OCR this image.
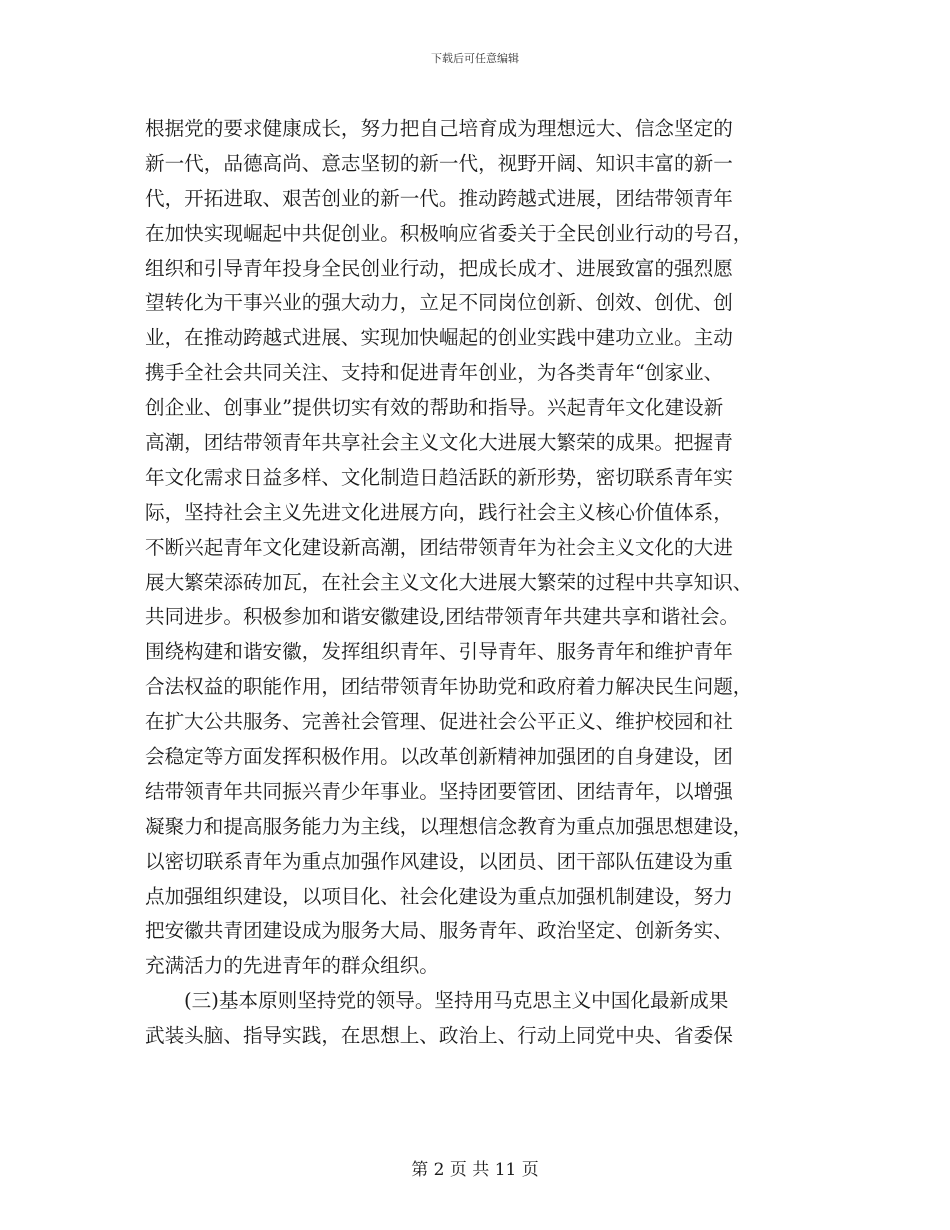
下载后可任意编辑
根据党的要求健康成长，努力把自己培育成为理想远大、信念坚定的
新一代，品德高尚、意志坚韧的新一代，视野开阔、知识丰富的新一
代，开拓进取、艰苦创业的新一代。推动跨越式进展，团结带领青年
在加快实现崛起中共促创业。积极响应省委关于全民创业行动的号召，
组织和引导青年投身全民创业行动，把成长成才、进展致富的强烈愿
望转化为干事兴业的强大动力，立足不同岗位创新、创效、创优、创
业，在推动跨越式进展、实现加快崛起的创业实践中建功立业。主动
携手全社会共同关注、支持和促进青年创业，为各类青年“创家业、
创企业、创事业”提供切实有效的帮助和指导。兴起青年文化建设新
高潮，团结带领青年共享社会主义文化大进展大繁荣的成果。把握青
年文化需求日益多样、文化制造日趋活跃的新形势，密切联系青年实
际，坚持社会主义先进文化进展方向，践行社会主义核心价值体系，
不断兴起青年文化建设新高潮，团结带领青年为社会主义文化的大进
展大繁荣添砖加瓦，在社会主义文化大进展大繁荣的过程中共享知识、
共同进步。积极参加和谐安徽建设,团结带领青年共建共享和谐社会。
围绕构建和谐安徽，发挥组织青年、引导青年、服务青年和维护青年
合法权益的职能作用，团结带领青年协助党和政府着力解决民生问题，
在扩大公共服务、完善社会管理、促进社会公平正义、维护校园和社
会稳定等方面发挥积极作用。以改革创新精神加强团的自身建设，团
结带领青年共同振兴青少年事业。坚持团要管团、团结青年，以增强
凝聚力和提高服务能力为主线，以理想信念教育为重点加强思想建设，
以密切联系青年为重点加强作风建设，以团员、团干部队伍建设为重
点加强组织建设，以项目化、社会化建设为重点加强机制建设，努力
把安徽共青团建设成为服务大局、服务青年、政治坚定、创新务实、
充满活力的先进青年的群众组织。
(三)基本原则坚持党的领导。坚持用马克思主义中国化最新成果
武装头脑、指导实践，在思想上、政治上、行动上同党中央、省委保
第 2 页 共 11 页
